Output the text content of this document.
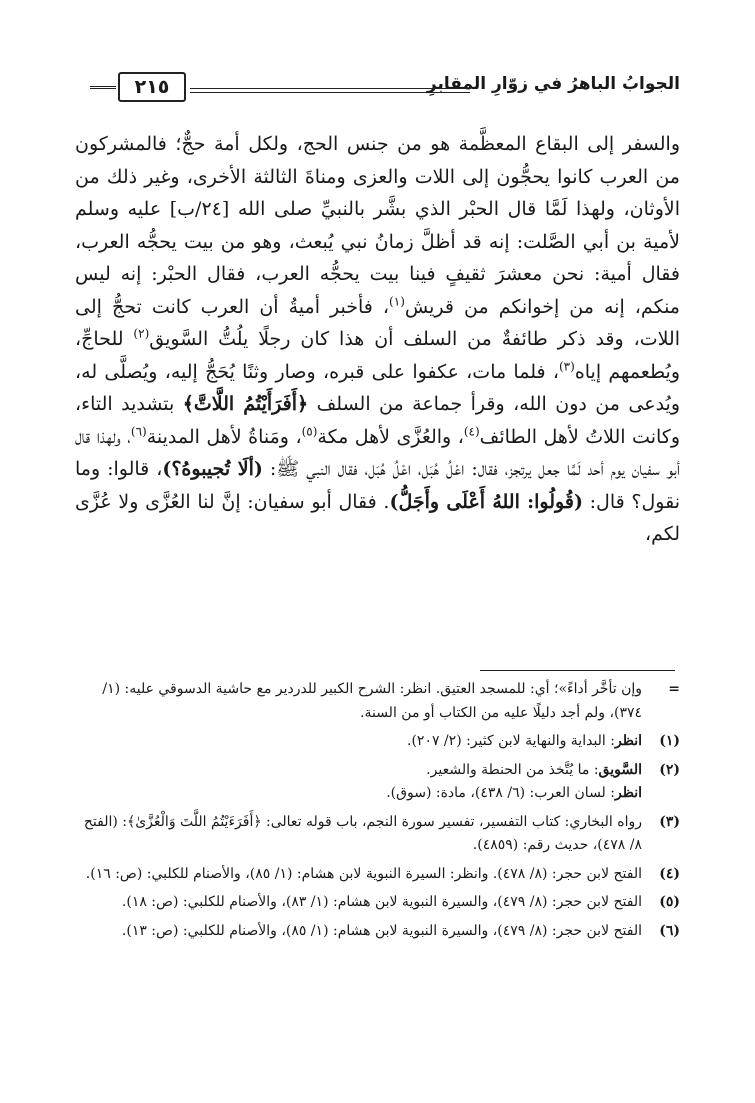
الجوابُ الباهرُ في زوّارِ المقابرِ
٢١٥

والسفر إلى البقاع المعظَّمة هو من جنس الحج، ولكل أمة حجٌّ؛ فالمشركون من العرب كانوا يحجُّون إلى اللات والعزى ومناةَ الثالثة الأخرى، وغير ذلك من الأوثان، ولهذا لَمَّا قال الحبْر الذي بشَّر بالنبيِّ صلى الله [٢٤/ب] عليه وسلم لأمية بن أبي الصَّلت: إنه قد أظلَّ زمانُ نبي يُبعث، وهو من بيت يحجُّه العرب، فقال أمية: نحن معشرَ ثقيفٍ فينا بيت يحجُّه العرب، فقال الحبْر: إنه ليس منكم، إنه من إخوانكم من قريش$^{(١)}$، فأخبر أميةُ أن العرب كانت تحجُّ إلى اللات، وقد ذكر طائفةٌ من السلف أن هذا كان رجلًا يلُتُّ السَّويق$^{(٢)}$ للحاجِّ، ويُطعمهم إياه$^{(٣)}$، فلما مات، عكفوا على قبره، وصار وثنًا يُحَجُّ إليه، ويُصلَّى له، ويُدعى من دون الله، وقرأ جماعة من السلف ﴿أَفَرَأَيْتُمُ اللَّاتَّ﴾ بتشديد التاء، وكانت اللاتُ لأهل الطائف$^{(٤)}$، والعُزَّى لأهل مكة$^{(٥)}$، ومَناةُ لأهل المدينة$^{(٦)}$، ولهذا قال أبو سفيان يوم أحد لَمَّا جعل يرتجز، فقال: اعْلُ هُبَل، اعْلُ هُبَل، فقال النبي ﷺ: (ألَا تُجيبوهُ؟)، قالوا: وما نقول؟ قال: (قُولُوا: اللهُ أَعْلَى وأَجَلُّ). فقال أبو سفيان: إنَّ لنا العُزَّى ولا عُزَّى لكم،

=
وإن تأخَّر أداءً»؛ أي: للمسجد العتيق. انظر: الشرح الكبير للدردير مع حاشية الدسوقي عليه: (١/ ٣٧٤)، ولم أجد دليلًا عليه من الكتاب أو من السنة.
(١)
انظر: البداية والنهاية لابن كثير: (٢/ ٢٠٧).
(٢)
السَّويق: ما يُتَّخذ من الحنطة والشعير.
انظر: لسان العرب: (٦/ ٤٣٨)، مادة: (سوق).
(٣)
رواه البخاري: كتاب التفسير، تفسير سورة النجم، باب قوله تعالى: ﴿أَفَرَءَيْتُمُ اللَّتَ وَالْعُزَّىٰ﴾: (الفتح ٨/ ٤٧٨)، حديث رقم: (٤٨٥٩).
(٤)
الفتح لابن حجر: (٨/ ٤٧٨). وانظر: السيرة النبوية لابن هشام: (١/ ٨٥)، والأصنام للكلبي: (ص: ١٦).
(٥)
الفتح لابن حجر: (٨/ ٤٧٩)، والسيرة النبوية لابن هشام: (١/ ٨٣)، والأصنام للكلبي: (ص: ١٨).
(٦)
الفتح لابن حجر: (٨/ ٤٧٩)، والسيرة النبوية لابن هشام: (١/ ٨٥)، والأصنام للكلبي: (ص: ١٣).
